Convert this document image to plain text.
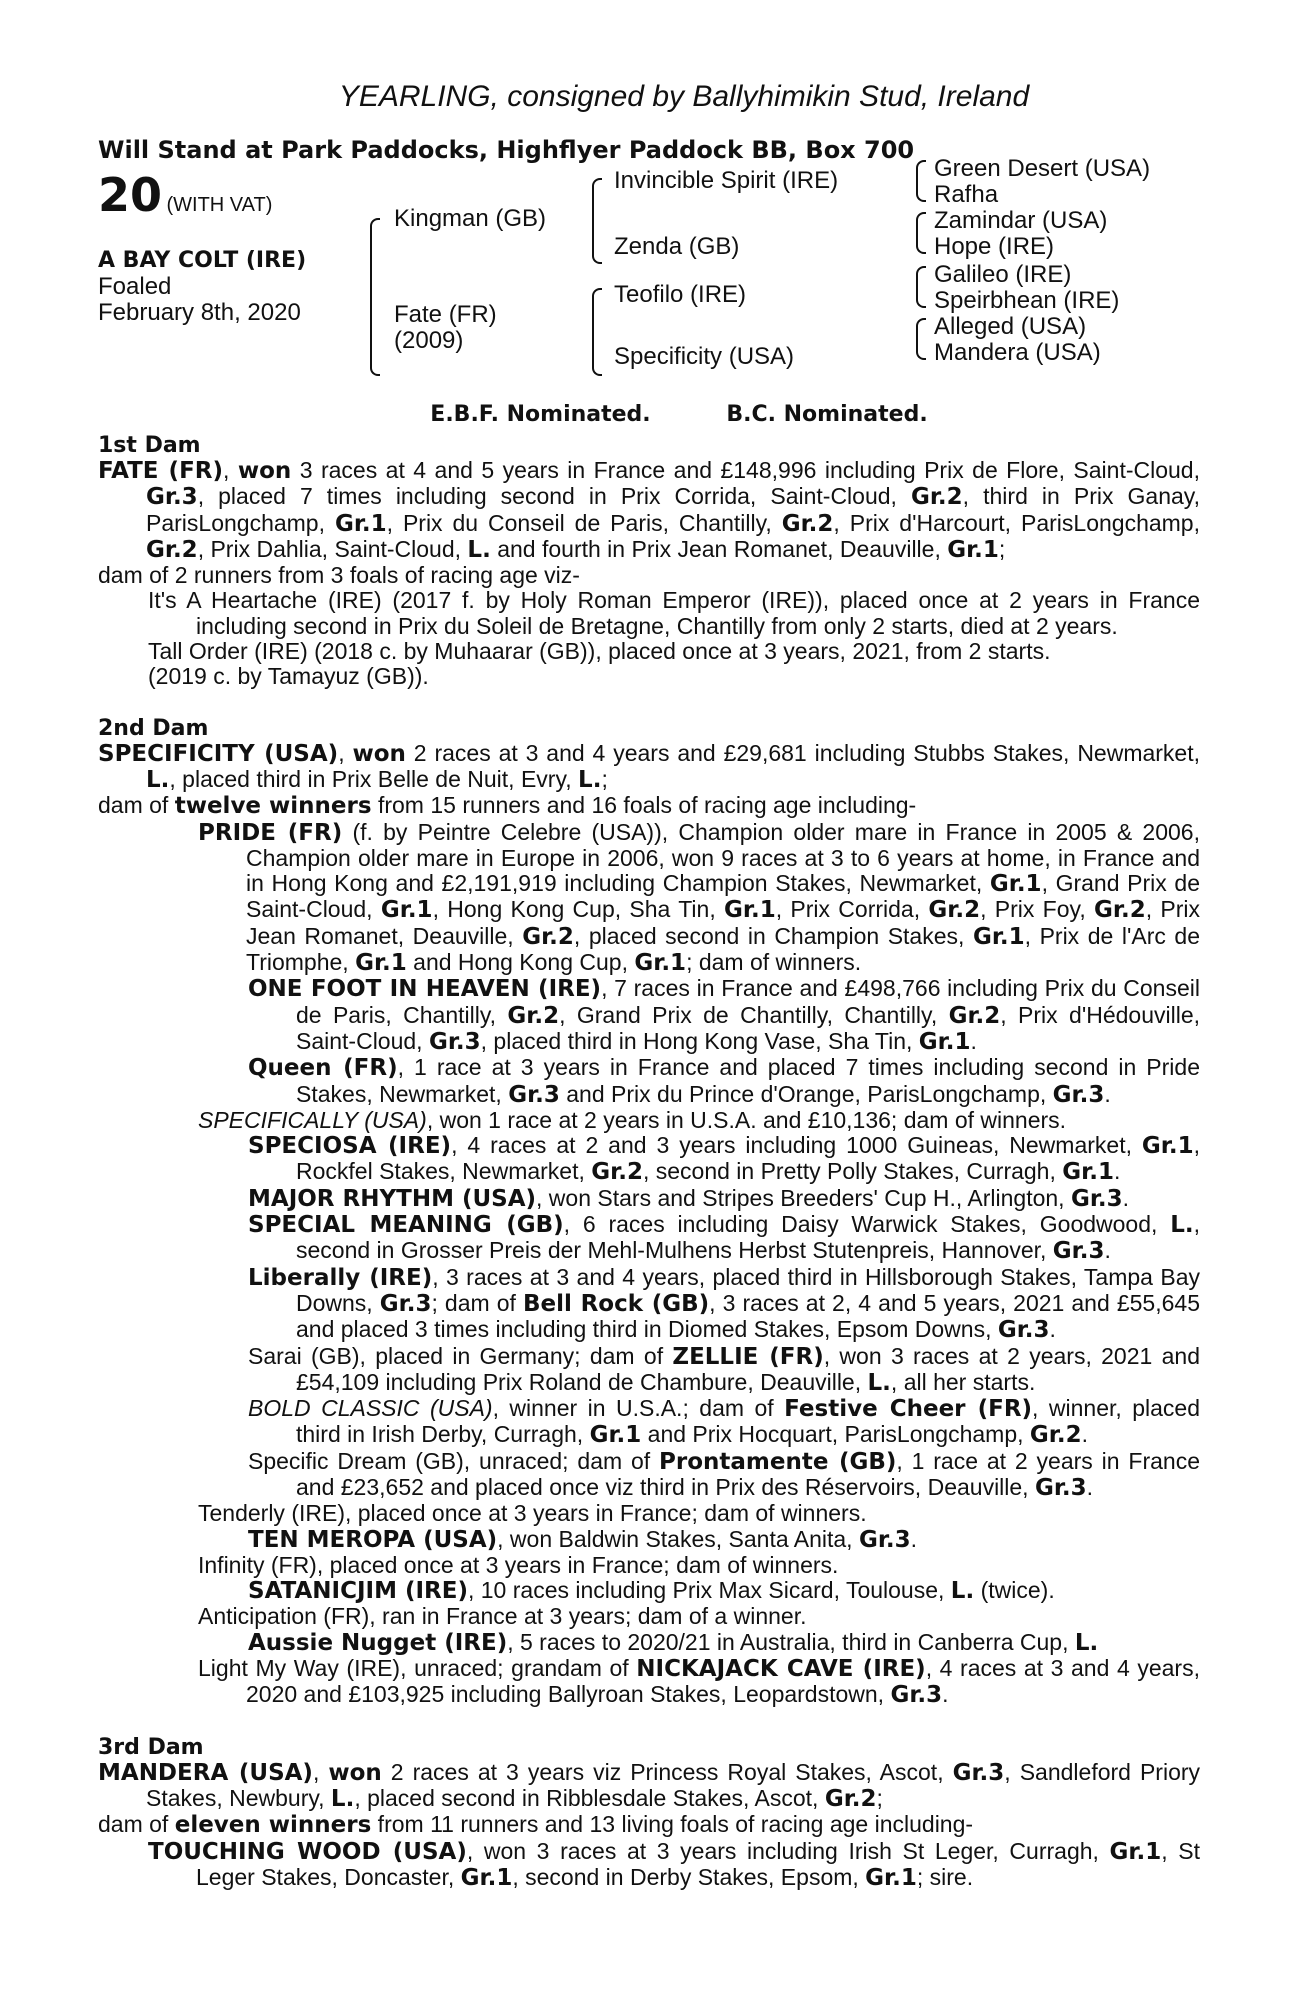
YEARLING, consigned by Ballyhimikin Stud, Ireland
Will Stand at Park Paddocks, Highflyer Paddock BB, Box 700
20 (WITH VAT)
A BAY COLT (IRE)
Foaled
February 8th, 2020
Kingman (GB)
Fate (FR)
(2009)
Invincible Spirit (IRE)
Zenda (GB)
Teofilo (IRE)
Specificity (USA)
Green Desert (USA)
Rafha
Zamindar (USA)
Hope (IRE)
Galileo (IRE)
Speirbhean (IRE)
Alleged (USA)
Mandera (USA)
E.B.F. Nominated.	B.C. Nominated.
1st Dam
FATE (FR), won 3 races at 4 and 5 years in France and £148,996 including Prix de Flore, Saint-Cloud, Gr.3, placed 7 times including second in Prix Corrida, Saint-Cloud, Gr.2, third in Prix Ganay, ParisLongchamp, Gr.1, Prix du Conseil de Paris, Chantilly, Gr.2, Prix d'Harcourt, ParisLongchamp, Gr.2, Prix Dahlia, Saint-Cloud, L. and fourth in Prix Jean Romanet, Deauville, Gr.1;
dam of 2 runners from 3 foals of racing age viz-
It's A Heartache (IRE) (2017 f. by Holy Roman Emperor (IRE)), placed once at 2 years in France including second in Prix du Soleil de Bretagne, Chantilly from only 2 starts, died at 2 years.
Tall Order (IRE) (2018 c. by Muhaarar (GB)), placed once at 3 years, 2021, from 2 starts.
(2019 c. by Tamayuz (GB)).
2nd Dam
SPECIFICITY (USA), won 2 races at 3 and 4 years and £29,681 including Stubbs Stakes, Newmarket, L., placed third in Prix Belle de Nuit, Evry, L.;
dam of twelve winners from 15 runners and 16 foals of racing age including-
PRIDE (FR) (f. by Peintre Celebre (USA)), Champion older mare in France in 2005 & 2006, Champion older mare in Europe in 2006, won 9 races at 3 to 6 years at home, in France and in Hong Kong and £2,191,919 including Champion Stakes, Newmarket, Gr.1, Grand Prix de Saint-Cloud, Gr.1, Hong Kong Cup, Sha Tin, Gr.1, Prix Corrida, Gr.2, Prix Foy, Gr.2, Prix Jean Romanet, Deauville, Gr.2, placed second in Champion Stakes, Gr.1, Prix de l'Arc de Triomphe, Gr.1 and Hong Kong Cup, Gr.1; dam of winners.
ONE FOOT IN HEAVEN (IRE), 7 races in France and £498,766 including Prix du Conseil de Paris, Chantilly, Gr.2, Grand Prix de Chantilly, Chantilly, Gr.2, Prix d'Hédouville, Saint-Cloud, Gr.3, placed third in Hong Kong Vase, Sha Tin, Gr.1.
Queen (FR), 1 race at 3 years in France and placed 7 times including second in Pride Stakes, Newmarket, Gr.3 and Prix du Prince d'Orange, ParisLongchamp, Gr.3.
SPECIFICALLY (USA), won 1 race at 2 years in U.S.A. and £10,136; dam of winners.
SPECIOSA (IRE), 4 races at 2 and 3 years including 1000 Guineas, Newmarket, Gr.1, Rockfel Stakes, Newmarket, Gr.2, second in Pretty Polly Stakes, Curragh, Gr.1.
MAJOR RHYTHM (USA), won Stars and Stripes Breeders' Cup H., Arlington, Gr.3.
SPECIAL MEANING (GB), 6 races including Daisy Warwick Stakes, Goodwood, L., second in Grosser Preis der Mehl-Mulhens Herbst Stutenpreis, Hannover, Gr.3.
Liberally (IRE), 3 races at 3 and 4 years, placed third in Hillsborough Stakes, Tampa Bay Downs, Gr.3; dam of Bell Rock (GB), 3 races at 2, 4 and 5 years, 2021 and £55,645 and placed 3 times including third in Diomed Stakes, Epsom Downs, Gr.3.
Sarai (GB), placed in Germany; dam of ZELLIE (FR), won 3 races at 2 years, 2021 and £54,109 including Prix Roland de Chambure, Deauville, L., all her starts.
BOLD CLASSIC (USA), winner in U.S.A.; dam of Festive Cheer (FR), winner, placed third in Irish Derby, Curragh, Gr.1 and Prix Hocquart, ParisLongchamp, Gr.2.
Specific Dream (GB), unraced; dam of Prontamente (GB), 1 race at 2 years in France and £23,652 and placed once viz third in Prix des Réservoirs, Deauville, Gr.3.
Tenderly (IRE), placed once at 3 years in France; dam of winners.
TEN MEROPA (USA), won Baldwin Stakes, Santa Anita, Gr.3.
Infinity (FR), placed once at 3 years in France; dam of winners.
SATANICJIM (IRE), 10 races including Prix Max Sicard, Toulouse, L. (twice).
Anticipation (FR), ran in France at 3 years; dam of a winner.
Aussie Nugget (IRE), 5 races to 2020/21 in Australia, third in Canberra Cup, L.
Light My Way (IRE), unraced; grandam of NICKAJACK CAVE (IRE), 4 races at 3 and 4 years, 2020 and £103,925 including Ballyroan Stakes, Leopardstown, Gr.3.
3rd Dam
MANDERA (USA), won 2 races at 3 years viz Princess Royal Stakes, Ascot, Gr.3, Sandleford Priory Stakes, Newbury, L., placed second in Ribblesdale Stakes, Ascot, Gr.2;
dam of eleven winners from 11 runners and 13 living foals of racing age including-
TOUCHING WOOD (USA), won 3 races at 3 years including Irish St Leger, Curragh, Gr.1, St Leger Stakes, Doncaster, Gr.1, second in Derby Stakes, Epsom, Gr.1; sire.
